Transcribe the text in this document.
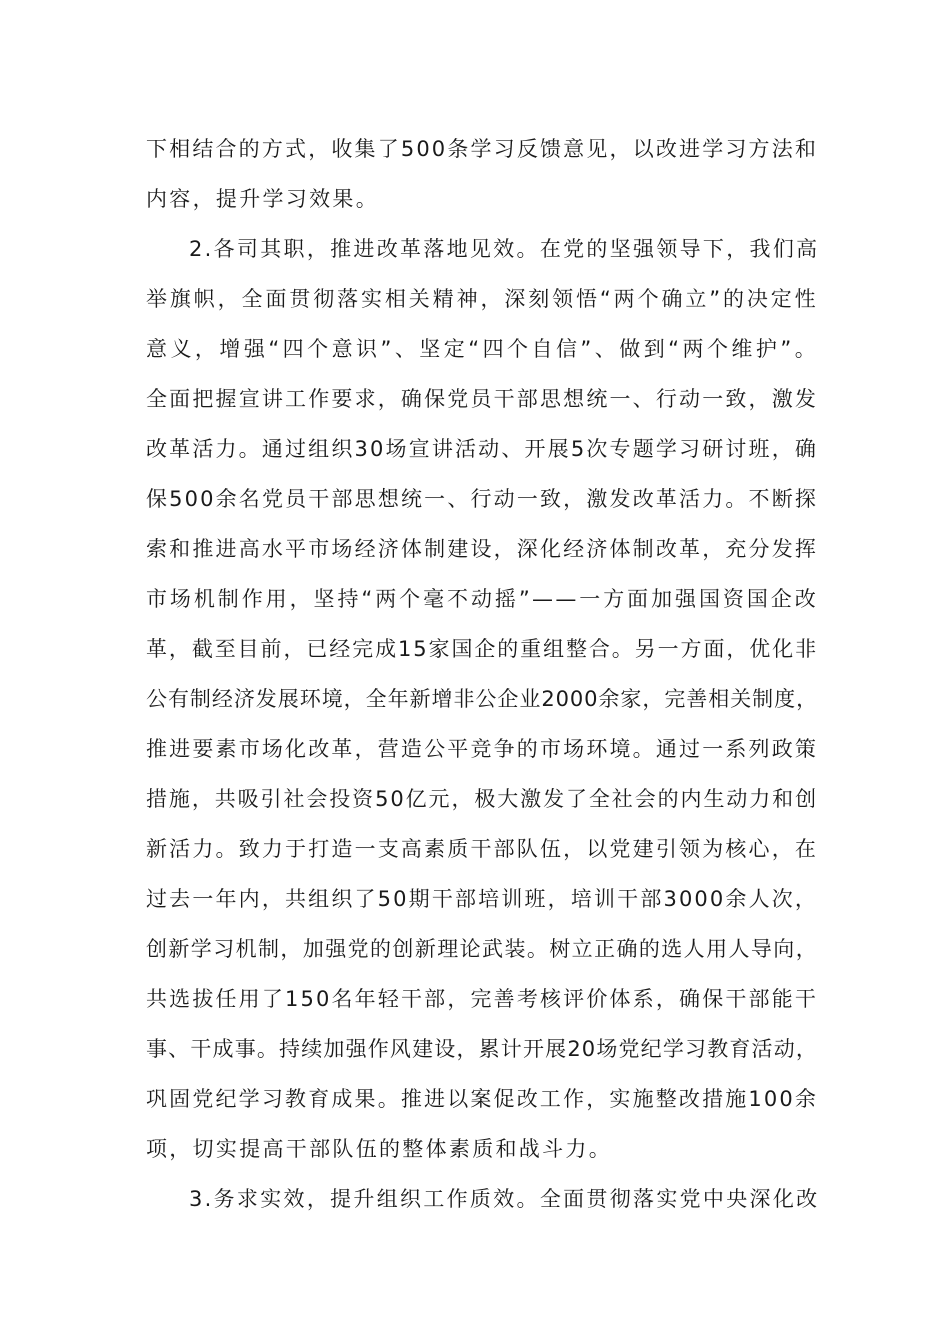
下相结合的方式，收集了500条学习反馈意见，以改进学习方法和
内容，提升学习效果。
2.各司其职，推进改革落地见效。在党的坚强领导下，我们高
举旗帜，全面贯彻落实相关精神，深刻领悟“两个确立”的决定性
意义，增强“四个意识”、坚定“四个自信”、做到“两个维护”。
全面把握宣讲工作要求，确保党员干部思想统一、行动一致，激发
改革活力。通过组织30场宣讲活动、开展5次专题学习研讨班，确
保500余名党员干部思想统一、行动一致，激发改革活力。不断探
索和推进高水平市场经济体制建设，深化经济体制改革，充分发挥
市场机制作用，坚持“两个毫不动摇”——一方面加强国资国企改
革，截至目前，已经完成15家国企的重组整合。另一方面，优化非
公有制经济发展环境，全年新增非公企业2000余家，完善相关制度，
推进要素市场化改革，营造公平竞争的市场环境。通过一系列政策
措施，共吸引社会投资50亿元，极大激发了全社会的内生动力和创
新活力。致力于打造一支高素质干部队伍，以党建引领为核心，在
过去一年内，共组织了50期干部培训班，培训干部3000余人次，
创新学习机制，加强党的创新理论武装。树立正确的选人用人导向，
共选拔任用了150名年轻干部，完善考核评价体系，确保干部能干
事、干成事。持续加强作风建设，累计开展20场党纪学习教育活动，
巩固党纪学习教育成果。推进以案促改工作，实施整改措施100余
项，切实提高干部队伍的整体素质和战斗力。
3.务求实效，提升组织工作质效。全面贯彻落实党中央深化改
